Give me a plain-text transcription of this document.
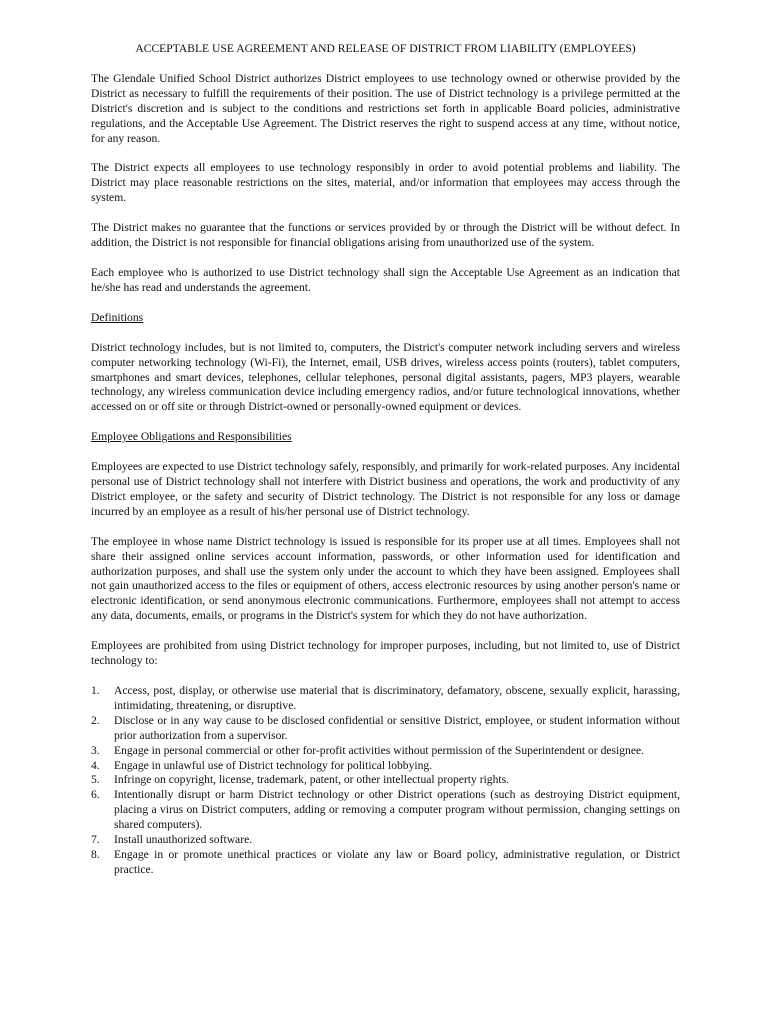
ACCEPTABLE USE AGREEMENT AND RELEASE OF DISTRICT FROM LIABILITY (EMPLOYEES)

The Glendale Unified School District authorizes District employees to use technology owned or otherwise provided by the District as necessary to fulfill the requirements of their position. The use of District technology is a privilege permitted at the District's discretion and is subject to the conditions and restrictions set forth in applicable Board policies, administrative regulations, and the Acceptable Use Agreement. The District reserves the right to suspend access at any time, without notice, for any reason.

The District expects all employees to use technology responsibly in order to avoid potential problems and liability. The District may place reasonable restrictions on the sites, material, and/or information that employees may access through the system.

The District makes no guarantee that the functions or services provided by or through the District will be without defect. In addition, the District is not responsible for financial obligations arising from unauthorized use of the system.

Each employee who is authorized to use District technology shall sign the Acceptable Use Agreement as an indication that he/she has read and understands the agreement.

Definitions

District technology includes, but is not limited to, computers, the District's computer network including servers and wireless computer networking technology (Wi-Fi), the Internet, email, USB drives, wireless access points (routers), tablet computers, smartphones and smart devices, telephones, cellular telephones, personal digital assistants, pagers, MP3 players, wearable technology, any wireless communication device including emergency radios, and/or future technological innovations, whether accessed on or off site or through District-owned or personally-owned equipment or devices.

Employee Obligations and Responsibilities

Employees are expected to use District technology safely, responsibly, and primarily for work-related purposes. Any incidental personal use of District technology shall not interfere with District business and operations, the work and productivity of any District employee, or the safety and security of District technology. The District is not responsible for any loss or damage incurred by an employee as a result of his/her personal use of District technology.

The employee in whose name District technology is issued is responsible for its proper use at all times. Employees shall not share their assigned online services account information, passwords, or other information used for identification and authorization purposes, and shall use the system only under the account to which they have been assigned. Employees shall not gain unauthorized access to the files or equipment of others, access electronic resources by using another person's name or electronic identification, or send anonymous electronic communications. Furthermore, employees shall not attempt to access any data, documents, emails, or programs in the District's system for which they do not have authorization.

Employees are prohibited from using District technology for improper purposes, including, but not limited to, use of District technology to:

1.	Access, post, display, or otherwise use material that is discriminatory, defamatory, obscene, sexually explicit, harassing, intimidating, threatening, or disruptive.
2.	Disclose or in any way cause to be disclosed confidential or sensitive District, employee, or student information without prior authorization from a supervisor.
3.	Engage in personal commercial or other for-profit activities without permission of the Superintendent or designee.
4.	Engage in unlawful use of District technology for political lobbying.
5.	Infringe on copyright, license, trademark, patent, or other intellectual property rights.
6.	Intentionally disrupt or harm District technology or other District operations (such as destroying District equipment, placing a virus on District computers, adding or removing a computer program without permission, changing settings on shared computers).
7.	Install unauthorized software.
8.	Engage in or promote unethical practices or violate any law or Board policy, administrative regulation, or District practice.
